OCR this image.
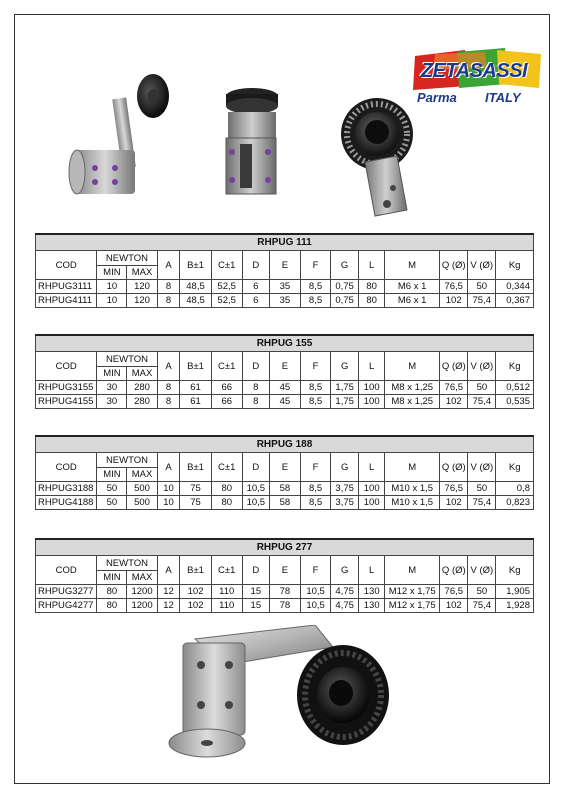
ZETASASSI
Parma ITALY
RHPUG 111														
COD	NEWTON		A	B±1	C±1	D	E	F	G	L	M	Q (Ø)	V (Ø)	Kg
	MIN	MAX												
RHPUG3111	10	120	8	48,5	52,5	6	35	8,5	0,75	80	M6 x 1	76,5	50	0,344
RHPUG4111	10	120	8	48,5	52,5	6	35	8,5	0,75	80	M6 x 1	102	75,4	0,367
RHPUG 155														
COD	NEWTON		A	B±1	C±1	D	E	F	G	L	M	Q (Ø)	V (Ø)	Kg
	MIN	MAX												
RHPUG3155	30	280	8	61	66	8	45	8,5	1,75	100	M8 x 1,25	76,5	50	0,512
RHPUG4155	30	280	8	61	66	8	45	8,5	1,75	100	M8 x 1,25	102	75,4	0,535
RHPUG 188														
COD	NEWTON		A	B±1	C±1	D	E	F	G	L	M	Q (Ø)	V (Ø)	Kg
	MIN	MAX												
RHPUG3188	50	500	10	75	80	10,5	58	8,5	3,75	100	M10 x 1,5	76,5	50	0,8
RHPUG4188	50	500	10	75	80	10,5	58	8,5	3,75	100	M10 x 1,5	102	75,4	0,823
RHPUG 277														
COD	NEWTON		A	B±1	C±1	D	E	F	G	L	M	Q (Ø)	V (Ø)	Kg
	MIN	MAX												
RHPUG3277	80	1200	12	102	110	15	78	10,5	4,75	130	M12 x 1,75	76,5	50	1,905
RHPUG4277	80	1200	12	102	110	15	78	10,5	4,75	130	M12 x 1,75	102	75,4	1,928
